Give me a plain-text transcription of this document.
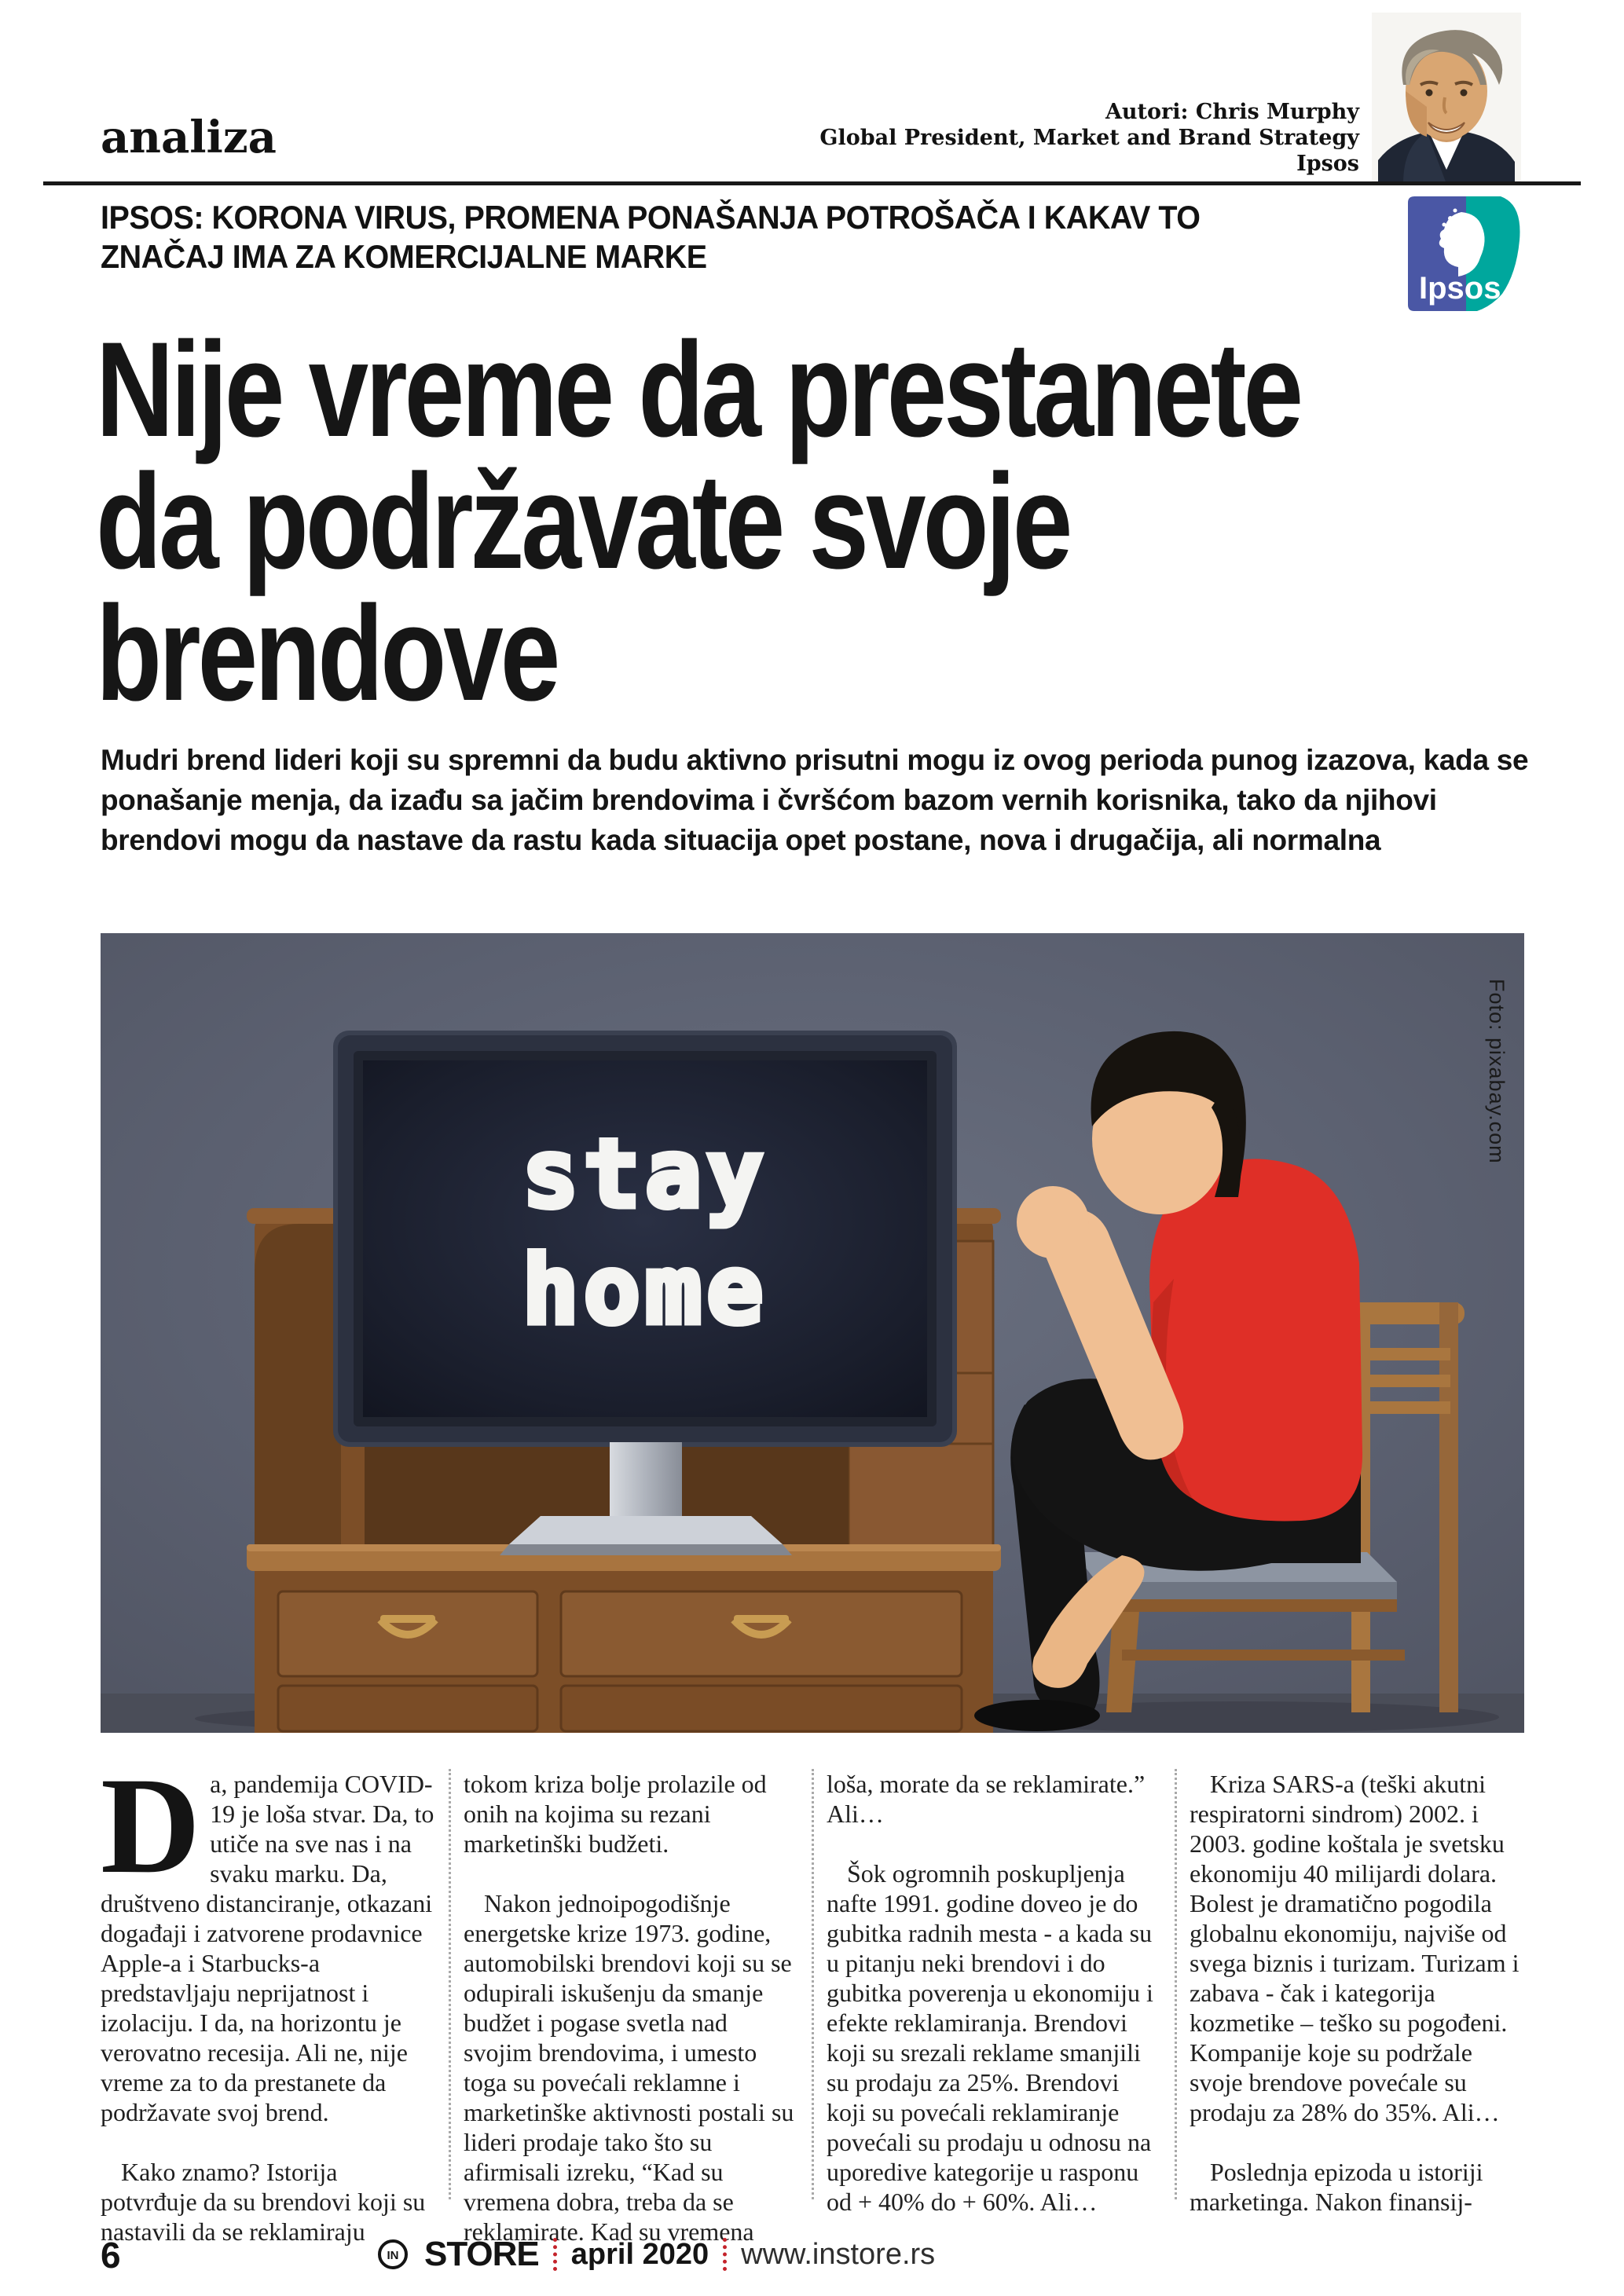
analiza	Autori: Chris Murphy
Global President, Market and Brand Strategy
Ipsos
IPSOS: KORONA VIRUS, PROMENA PONAŠANJA POTROŠAČA I KAKAV TO
ZNAČAJ IMA ZA KOMERCIJALNE MARKE
Ipsos
Nije vreme da prestanete
da podržavate svoje
brendove
Mudri brend lideri koji su spremni da budu aktivno prisutni mogu iz ovog perioda punog izazova, kada se ponašanje menja, da izađu sa jačim brendovima i čvršćom bazom vernih korisnika, tako da njihovi brendovi mogu da nastave da rastu kada situacija opet postane, nova i drugačija, ali normalna
stay
home
Foto: pixabay.com

Da, pandemija COVID-19 je loša stvar. Da, to utiče na sve nas i na svaku marku. Da, društveno distanciranje, otkazani događaji i zatvorene prodavnice Apple-a i Starbucks-a predstavljaju neprijatnost i izolaciju. I da, na horizontu je verovatno recesija. Ali ne, nije vreme za to da prestanete da podržavate svoj brend.

Kako znamo? Istorija potvrđuje da su brendovi koji su nastavili da se reklamiraju

tokom kriza bolje prolazile od onih na kojima su rezani marketinški budžeti.

Nakon jednoipogodišnje energetske krize 1973. godine, automobilski brendovi koji su se odupirali iskušenju da smanje budžet i pogase svetla nad svojim brendovima, i umesto toga su povećali reklamne i marketinške aktivnosti postali su lideri prodaje tako što su afirmisali izreku, “Kad su vremena dobra, treba da se reklamirate. Kad su vremena

loša, morate da se reklamirate.” Ali…

Šok ogromnih poskupljenja nafte 1991. godine doveo je do gubitka radnih mesta - a kada su u pitanju neki brendovi i do gubitka poverenja u ekonomiju i efekte reklamiranja. Brendovi koji su srezali reklame smanjili su prodaju za 25%. Brendovi koji su povećali reklamiranje povećali su prodaju u odnosu na uporedive kategorije u rasponu od + 40% do + 60%. Ali…

Kriza SARS-a (teški akutni respiratorni sindrom) 2002. i 2003. godine koštala je svetsku ekonomiju 40 milijardi dolara. Bolest je dramatično pogodila globalnu ekonomiju, najviše od svega biznis i turizam. Turizam i zabava - čak i kategorija kozmetike – teško su pogođeni. Kompanije koje su podržale svoje brendove povećale su prodaju za 28% do 35%. Ali…

Poslednja epizoda u istoriji marketinga. Nakon finansij-

6	IN STORE april 2020 www.instore.rs
